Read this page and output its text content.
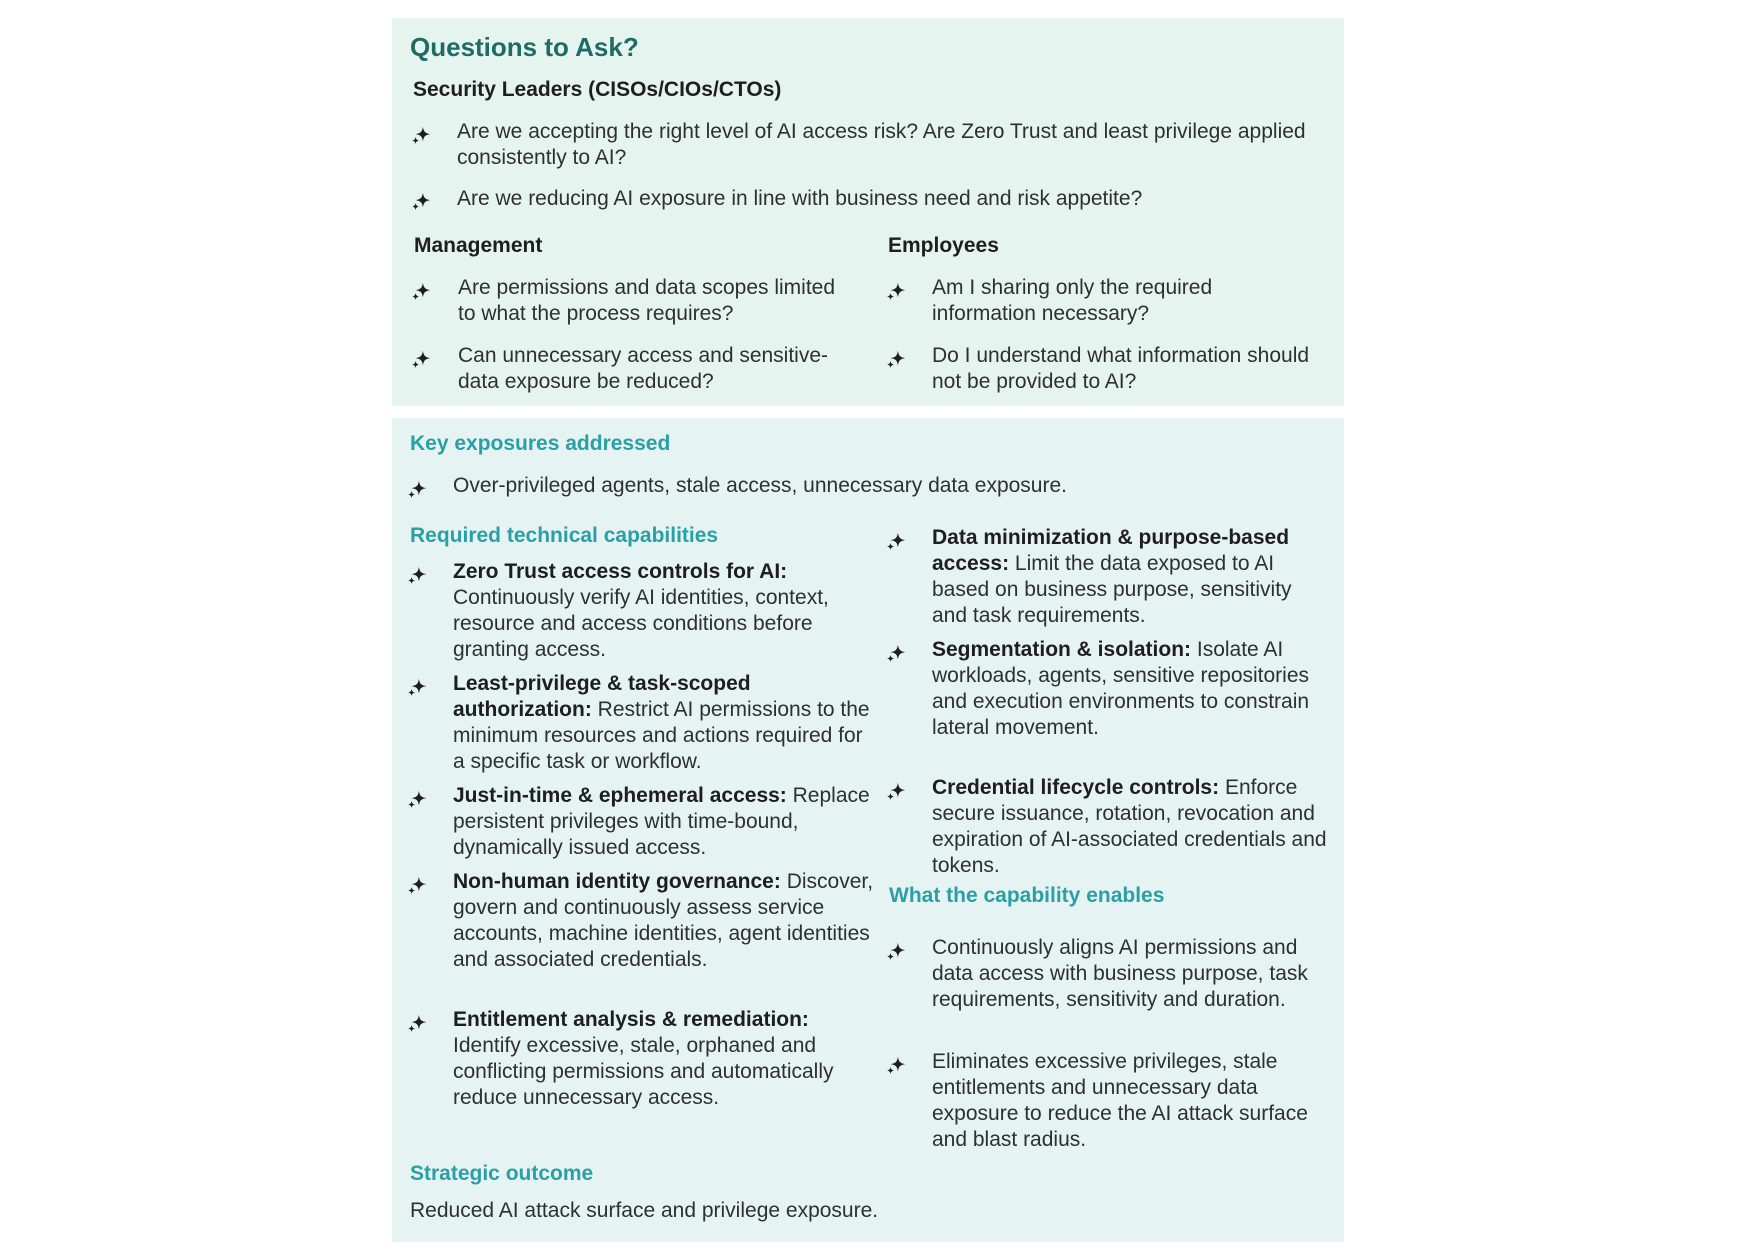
Questions to Ask?
Security Leaders (CISOs/CIOs/CTOs)
Are we accepting the right level of AI access risk? Are Zero Trust and least privilege applied consistently to AI?
Are we reducing AI exposure in line with business need and risk appetite?
Management
Are permissions and data scopes limited to what the process requires?
Can unnecessary access and sensitive-data exposure be reduced?
Employees
Am I sharing only the required information necessary?
Do I understand what information should not be provided to AI?
Key exposures addressed
Over-privileged agents, stale access, unnecessary data exposure.
Required technical capabilities
Zero Trust access controls for AI: Continuously verify AI identities, context, resource and access conditions before granting access.
Least-privilege & task-scoped authorization: Restrict AI permissions to the minimum resources and actions required for a specific task or workflow.
Just-in-time & ephemeral access: Replace persistent privileges with time-bound, dynamically issued access.
Non-human identity governance: Discover, govern and continuously assess service accounts, machine identities, agent identities and associated credentials.
Entitlement analysis & remediation: Identify excessive, stale, orphaned and conflicting permissions and automatically reduce unnecessary access.
Data minimization & purpose-based access: Limit the data exposed to AI based on business purpose, sensitivity and task requirements.
Segmentation & isolation: Isolate AI workloads, agents, sensitive repositories and execution environments to constrain lateral movement.
Credential lifecycle controls: Enforce secure issuance, rotation, revocation and expiration of AI-associated credentials and tokens.
What the capability enables
Continuously aligns AI permissions and data access with business purpose, task requirements, sensitivity and duration.
Eliminates excessive privileges, stale entitlements and unnecessary data exposure to reduce the AI attack surface and blast radius.
Strategic outcome
Reduced AI attack surface and privilege exposure.
